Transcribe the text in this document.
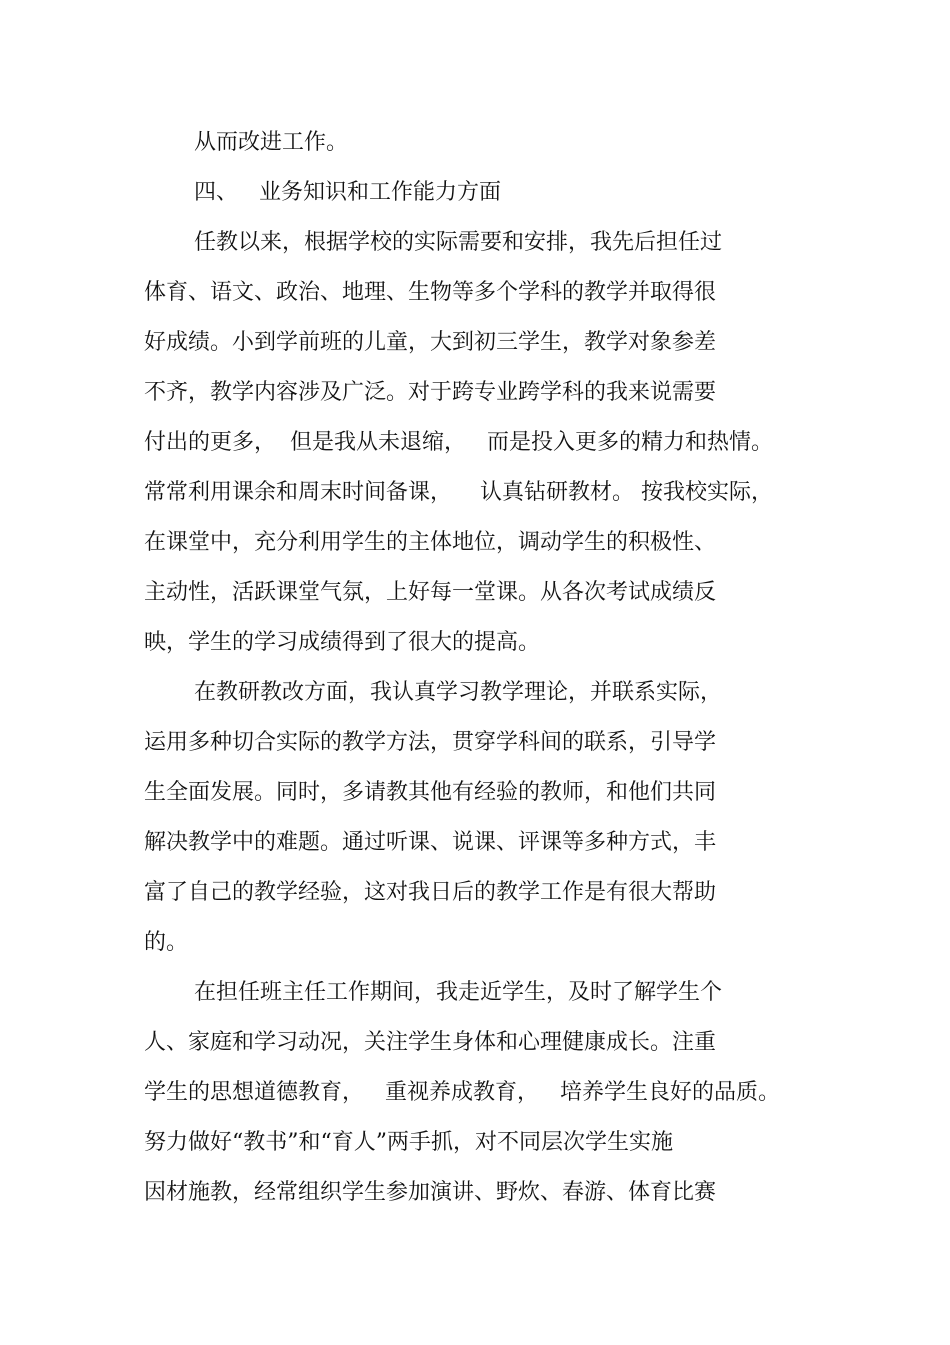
从而改进工作。

四、   业务知识和工作能力方面

任教以来，根据学校的实际需要和安排，我先后担任过

体育、语文、政治、地理、生物等多个学科的教学并取得很

好成绩。小到学前班的儿童，大到初三学生，教学对象参差

不齐，教学内容涉及广泛。对于跨专业跨学科的我来说需要

付出的更多，  但是我从未退缩，   而是投入更多的精力和热情。

常常利用课余和周末时间备课，    认真钻研教材。 按我校实际，

在课堂中，充分利用学生的主体地位，调动学生的积极性、

主动性，活跃课堂气氛，上好每一堂课。从各次考试成绩反

映，学生的学习成绩得到了很大的提高。

在教研教改方面，我认真学习教学理论，并联系实际，

运用多种切合实际的教学方法，贯穿学科间的联系，引导学

生全面发展。同时，多请教其他有经验的教师，和他们共同

解决教学中的难题。通过听课、说课、评课等多种方式，丰

富了自己的教学经验，这对我日后的教学工作是有很大帮助

的。

在担任班主任工作期间，我走近学生，及时了解学生个

人、家庭和学习动况，关注学生身体和心理健康成长。注重

学生的思想道德教育，   重视养成教育，   培养学生良好的品质。

努力做好“教书”和“育人”两手抓，对不同层次学生实施

因材施教，经常组织学生参加演讲、野炊、春游、体育比赛
